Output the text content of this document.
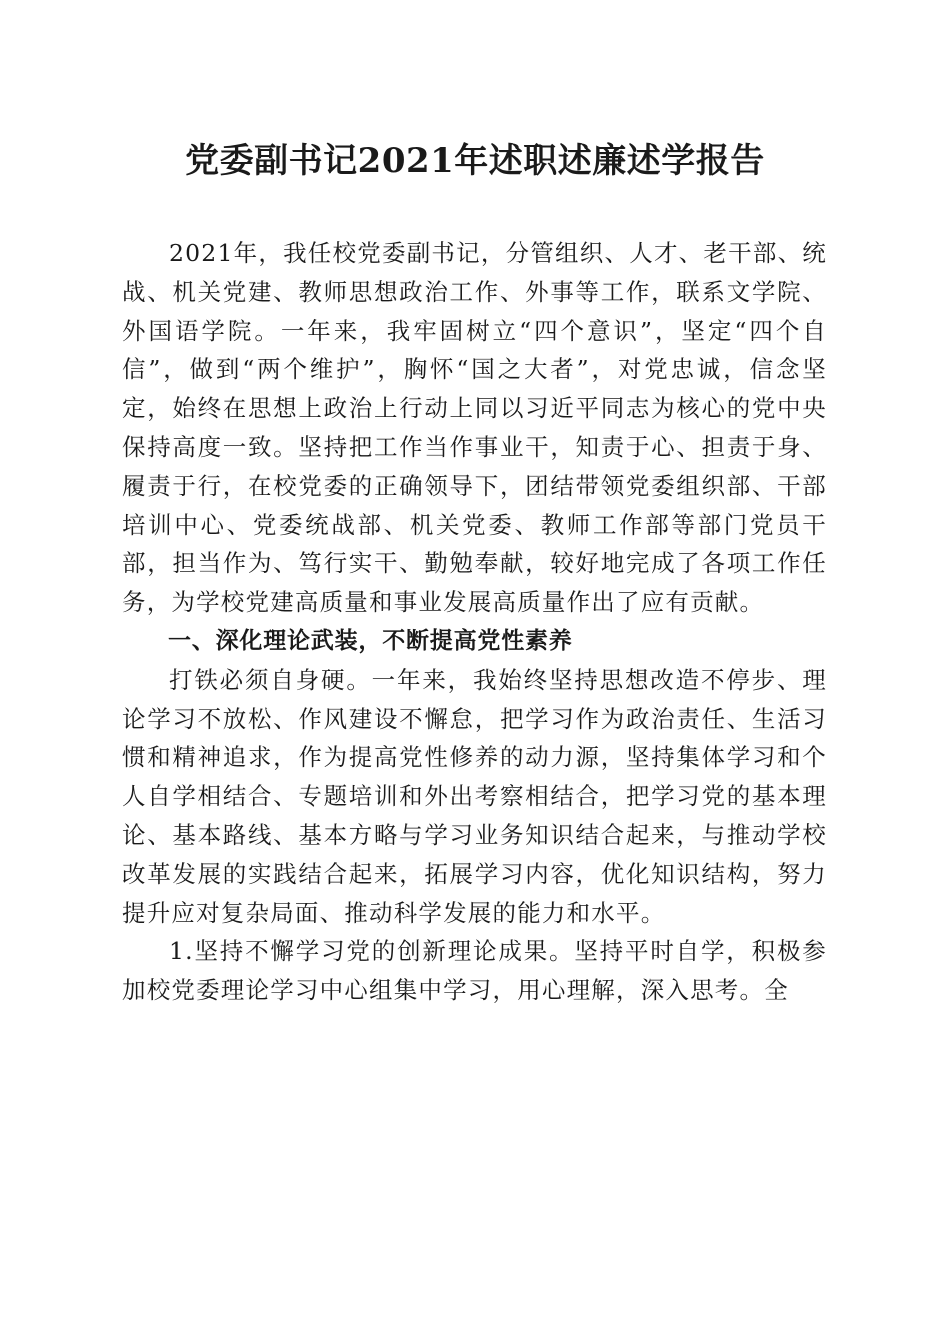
党委副书记2021年述职述廉述学报告

2021年，我任校党委副书记，分管组织、人才、老干部、统战、机关党建、教师思想政治工作、外事等工作，联系文学院、外国语学院。一年来，我牢固树立“四个意识”，坚定“四个自信”，做到“两个维护”，胸怀“国之大者”，对党忠诚，信念坚定，始终在思想上政治上行动上同以习近平同志为核心的党中央保持高度一致。坚持把工作当作事业干，知责于心、担责于身、履责于行，在校党委的正确领导下，团结带领党委组织部、干部培训中心、党委统战部、机关党委、教师工作部等部门党员干部，担当作为、笃行实干、勤勉奉献，较好地完成了各项工作任务，为学校党建高质量和事业发展高质量作出了应有贡献。

一、深化理论武装，不断提高党性素养

打铁必须自身硬。一年来，我始终坚持思想改造不停步、理论学习不放松、作风建设不懈怠，把学习作为政治责任、生活习惯和精神追求，作为提高党性修养的动力源，坚持集体学习和个人自学相结合、专题培训和外出考察相结合，把学习党的基本理论、基本路线、基本方略与学习业务知识结合起来，与推动学校改革发展的实践结合起来，拓展学习内容，优化知识结构，努力提升应对复杂局面、推动科学发展的能力和水平。

1.坚持不懈学习党的创新理论成果。坚持平时自学，积极参加校党委理论学习中心组集中学习，用心理解，深入思考。全
